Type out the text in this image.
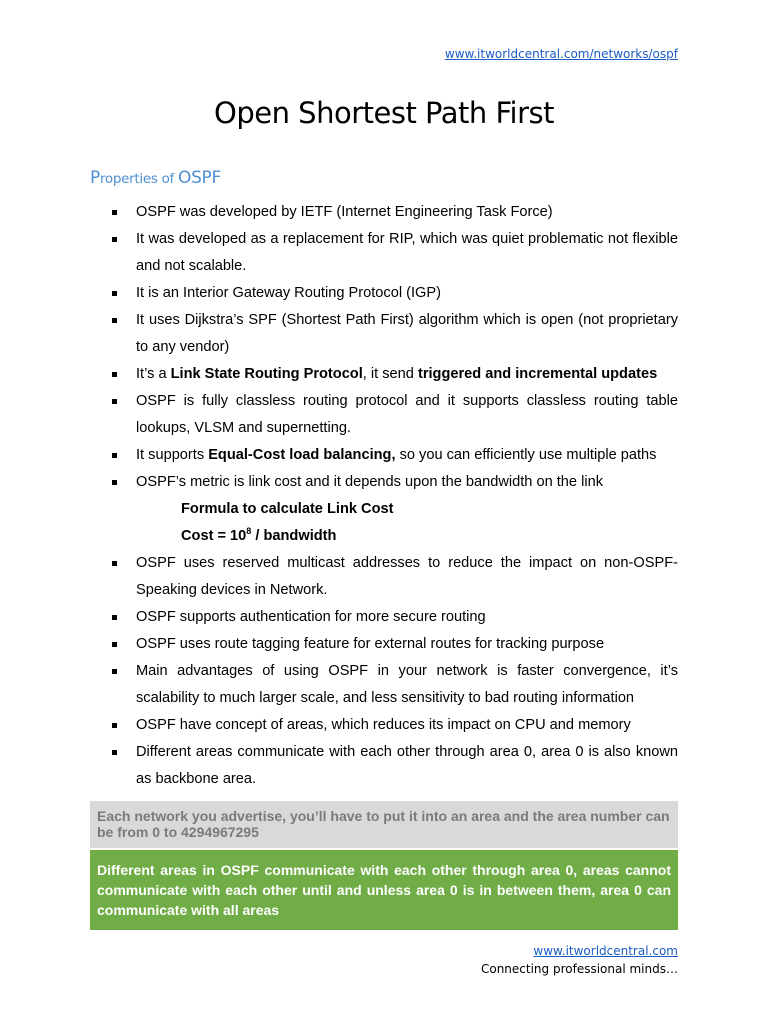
www.itworldcentral.com/networks/ospf
Open Shortest Path First
Properties of OSPF
OSPF was developed by IETF (Internet Engineering Task Force)
It was developed as a replacement for RIP, which was quiet problematic not flexible and not scalable.
It is an Interior Gateway Routing Protocol (IGP)
It uses Dijkstra’s SPF (Shortest Path First) algorithm which is open (not proprietary to any vendor)
It’s a Link State Routing Protocol, it send triggered and incremental updates
OSPF is fully classless routing protocol and it supports classless routing table lookups, VLSM and supernetting.
It supports Equal-Cost load balancing, so you can efficiently use multiple paths
OSPF’s metric is link cost and it depends upon the bandwidth on the link
Formula to calculate Link Cost
Cost = $10^8$ / bandwidth
OSPF uses reserved multicast addresses to reduce the impact on non-OSPF-Speaking devices in Network.
OSPF supports authentication for more secure routing
OSPF uses route tagging feature for external routes for tracking purpose
Main advantages of using OSPF in your network is faster convergence, it’s scalability to much larger scale, and less sensitivity to bad routing information
OSPF have concept of areas, which reduces its impact on CPU and memory
Different areas communicate with each other through area 0, area 0 is also known as backbone area.
Each network you advertise, you’ll have to put it into an area and the area number can be from 0 to 4294967295
Different areas in OSPF communicate with each other through area 0, areas cannot communicate with each other until and unless area 0 is in between them, area 0 can communicate with all areas
www.itworldcentral.com
Connecting professional minds…
